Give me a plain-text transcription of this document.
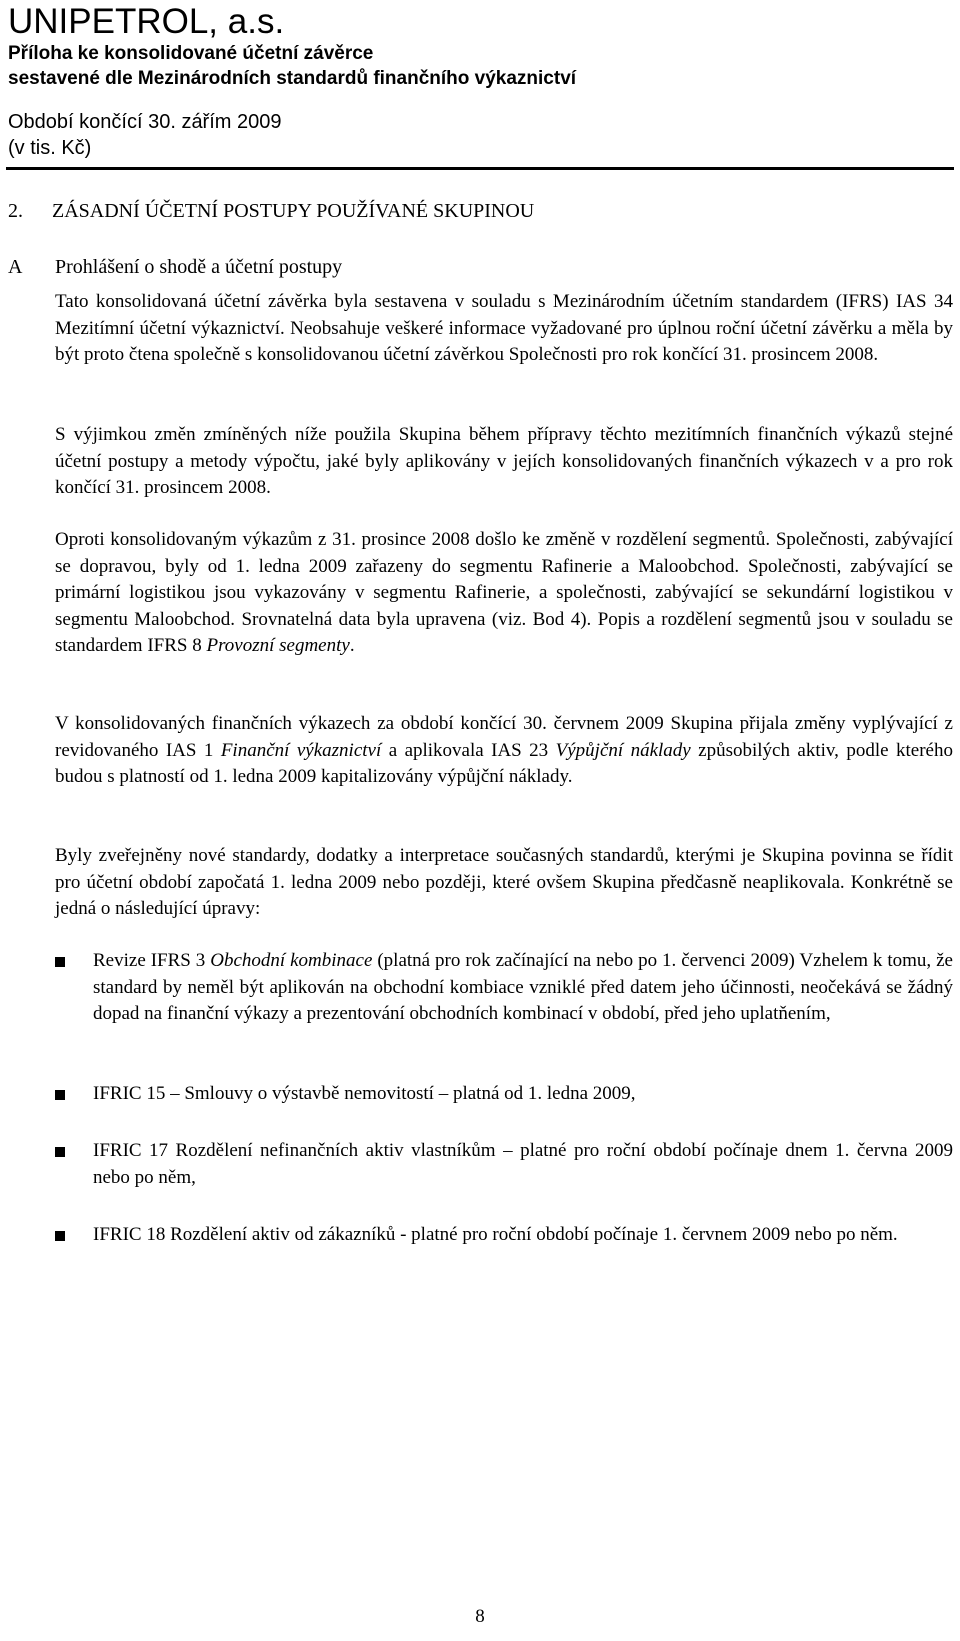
UNIPETROL, a.s.
Příloha ke konsolidované účetní závěrce
sestavené dle Mezinárodních standardů finančního výkaznictví
Období končící 30. zářím 2009
(v tis. Kč)
2. ZÁSADNÍ ÚČETNÍ POSTUPY POUŽÍVANÉ SKUPINOU
A Prohlášení o shodě a účetní postupy
Tato konsolidovaná účetní závěrka byla sestavena v souladu s Mezinárodním účetním standardem (IFRS) IAS 34 Mezitímní účetní výkaznictví. Neobsahuje veškeré informace vyžadované pro úplnou roční účetní závěrku a měla by být proto čtena společně s konsolidovanou účetní závěrkou Společnosti pro rok končící 31. prosincem 2008.
S výjimkou změn zmíněných níže použila Skupina během přípravy těchto mezitímních finančních výkazů stejné účetní postupy a metody výpočtu, jaké byly aplikovány v jejích konsolidovaných finančních výkazech v a pro rok končící 31. prosincem 2008.
Oproti konsolidovaným výkazům z 31. prosince 2008 došlo ke změně v rozdělení segmentů. Společnosti, zabývající se dopravou, byly od 1. ledna 2009 zařazeny do segmentu Rafinerie a Maloobchod. Společnosti, zabývající se primární logistikou jsou vykazovány v segmentu Rafinerie, a společnosti, zabývající se sekundární logistikou v segmentu Maloobchod. Srovnatelná data byla upravena (viz. Bod 4). Popis a rozdělení segmentů jsou v souladu se standardem IFRS 8 Provozní segmenty.
V konsolidovaných finančních výkazech za období končící 30. červnem 2009 Skupina přijala změny vyplývající z revidovaného IAS 1 Finanční výkaznictví a aplikovala IAS 23 Výpůjční náklady způsobilých aktiv, podle kterého budou s platností od 1. ledna 2009 kapitalizovány výpůjční náklady.
Byly zveřejněny nové standardy, dodatky a interpretace současných standardů, kterými je Skupina povinna se řídit pro účetní období započatá 1. ledna 2009 nebo později, které ovšem Skupina předčasně neaplikovala. Konkrétně se jedná o následující úpravy:
Revize IFRS 3 Obchodní kombinace (platná pro rok začínající na nebo po 1. červenci 2009) Vzhelem k tomu, že standard by neměl být aplikován na obchodní kombiace vzniklé před datem jeho účinnosti, neočekává se žádný dopad na finanční výkazy a prezentování obchodních kombinací v období, před jeho uplatňením,
IFRIC 15 – Smlouvy o výstavbě nemovitostí – platná od 1. ledna 2009,
IFRIC 17 Rozdělení nefinančních aktiv vlastníkům – platné pro roční období počínaje dnem 1. června 2009 nebo po něm,
IFRIC 18 Rozdělení aktiv od zákazníků - platné pro roční období počínaje 1. červnem 2009 nebo po něm.
8
